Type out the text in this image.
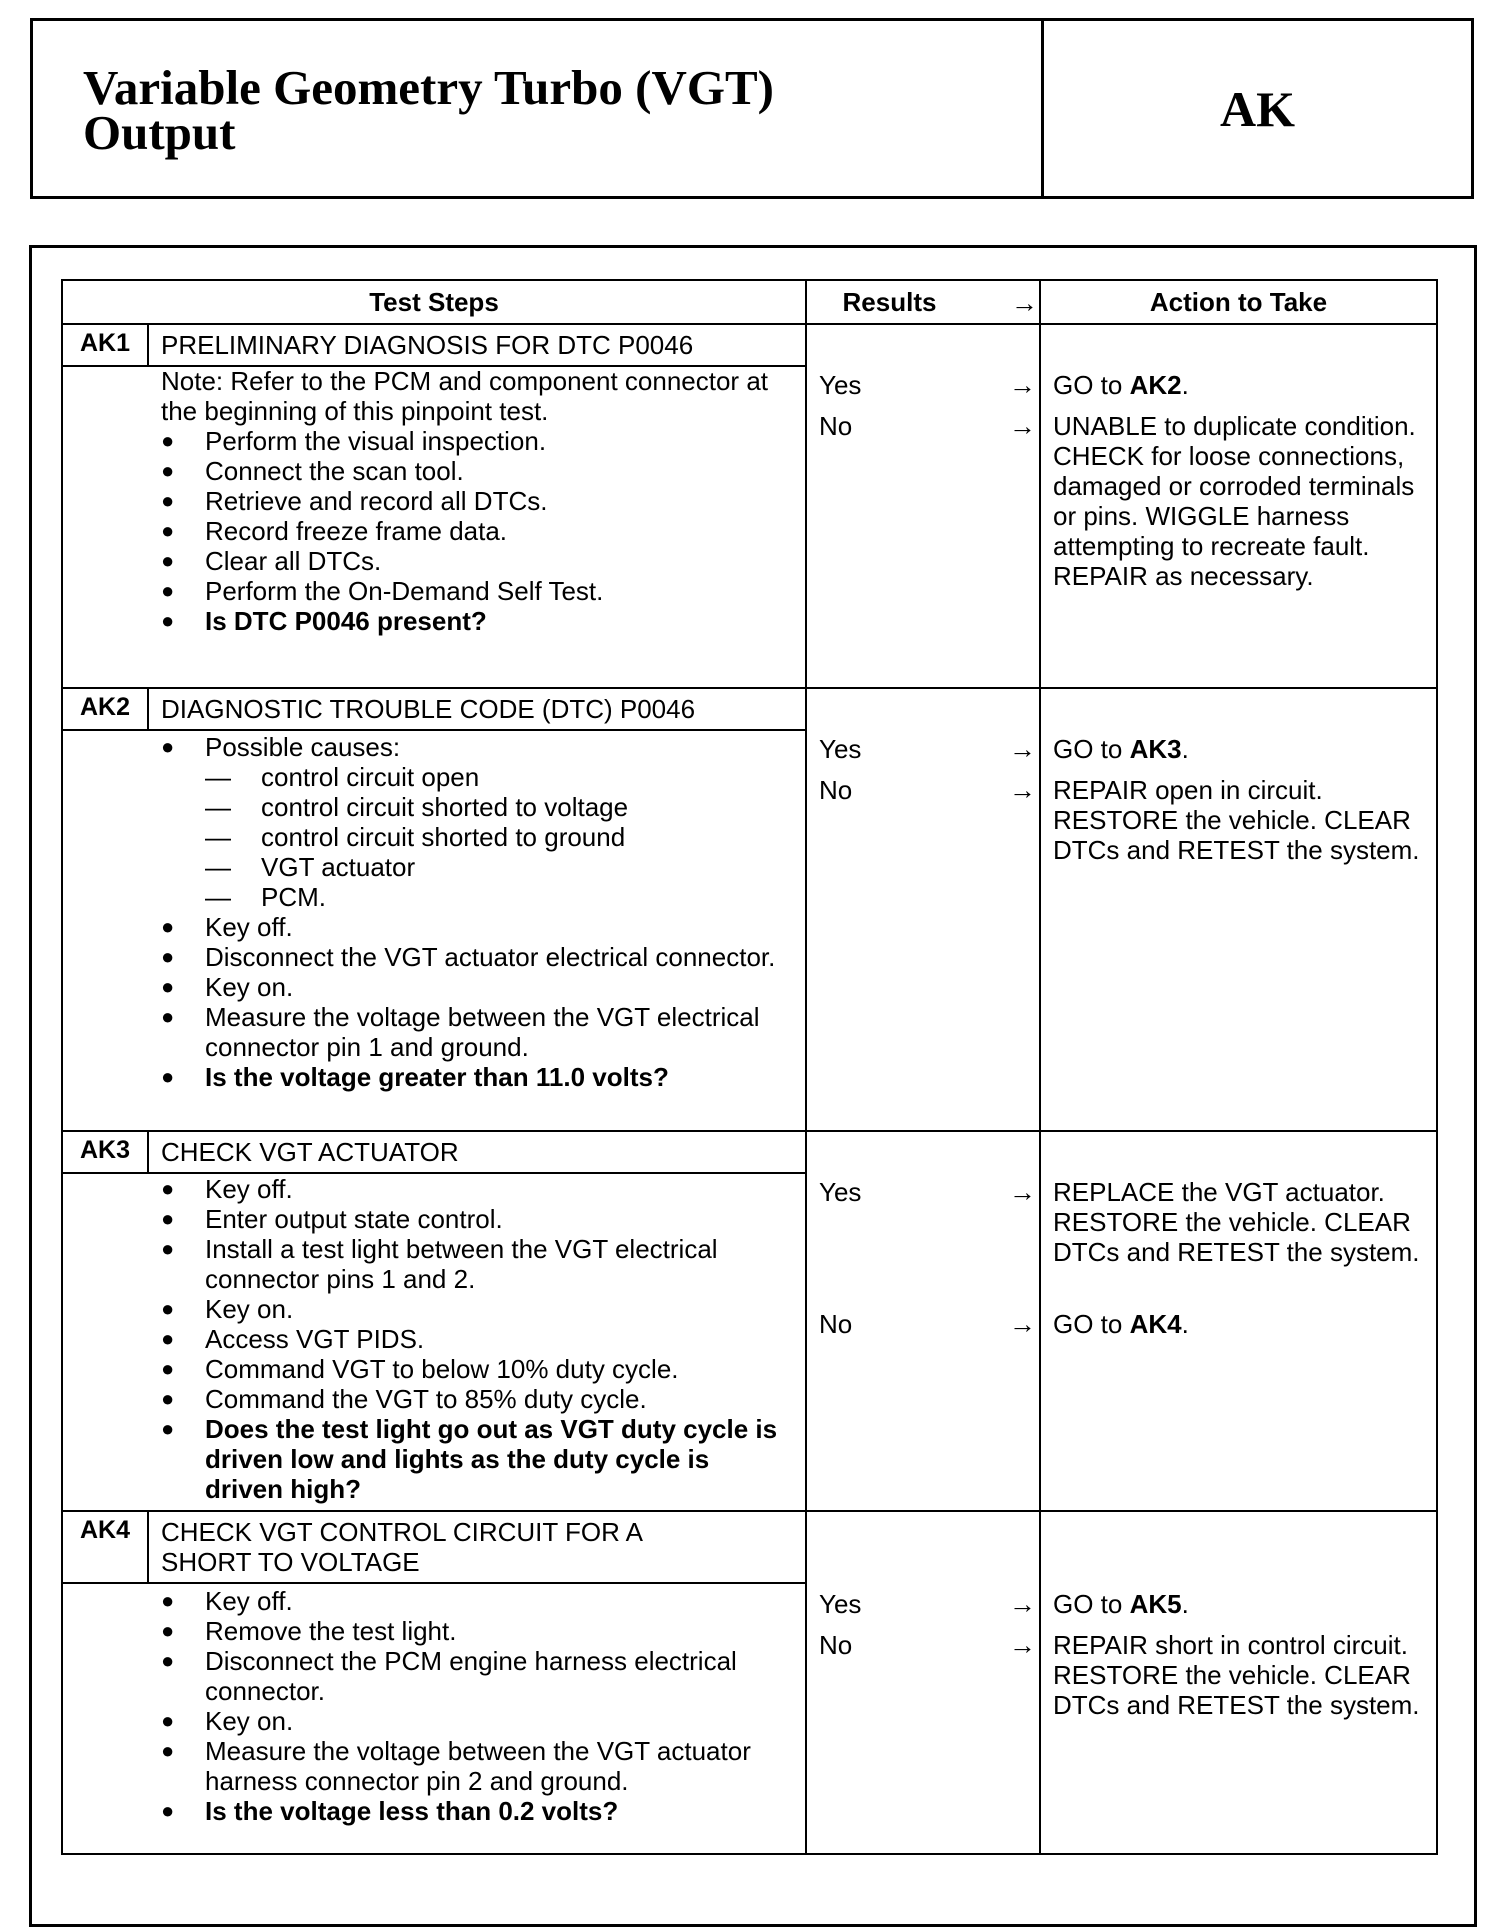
Variable Geometry Turbo (VGT)
Output	AK
Test Steps	Results	→	Action to Take
AK1	PRELIMINARY DIAGNOSIS FOR DTC P0046

Note: Refer to the PCM and component connector at the beginning of this pinpoint test.

● Perform the visual inspection.
● Connect the scan tool.
● Retrieve and record all DTCs.
● Record freeze frame data.
● Clear all DTCs.
● Perform the On-Demand Self Test.
● Is DTC P0046 present?
Yes	→ GO to AK2.
No	→ UNABLE to duplicate condition. CHECK for loose connections, damaged or corroded terminals or pins. WIGGLE harness attempting to recreate fault. REPAIR as necessary.
AK2	DIAGNOSTIC TROUBLE CODE (DTC) P0046
● Possible causes:
— control circuit open
— control circuit shorted to voltage
— control circuit shorted to ground
— VGT actuator
— PCM.
● Key off.
● Disconnect the VGT actuator electrical connector.
● Key on.
● Measure the voltage between the VGT electrical connector pin 1 and ground.
● Is the voltage greater than 11.0 volts?
Yes	→ GO to AK3.
No	→ REPAIR open in circuit. RESTORE the vehicle. CLEAR DTCs and RETEST the system.
AK3	CHECK VGT ACTUATOR
● Key off.
● Enter output state control.
● Install a test light between the VGT electrical connector pins 1 and 2.
● Key on.
● Access VGT PIDS.
● Command VGT to below 10% duty cycle.
● Command the VGT to 85% duty cycle.
● Does the test light go out as VGT duty cycle is driven low and lights as the duty cycle is driven high?
Yes	→ REPLACE the VGT actuator. RESTORE the vehicle. CLEAR DTCs and RETEST the system.
No	→ GO to AK4.
AK4	CHECK VGT CONTROL CIRCUIT FOR A
SHORT TO VOLTAGE
● Key off.
● Remove the test light.
● Disconnect the PCM engine harness electrical connector.
● Key on.
● Measure the voltage between the VGT actuator harness connector pin 2 and ground.
● Is the voltage less than 0.2 volts?
Yes	→ GO to AK5.
No	→ REPAIR short in control circuit. RESTORE the vehicle. CLEAR DTCs and RETEST the system.
